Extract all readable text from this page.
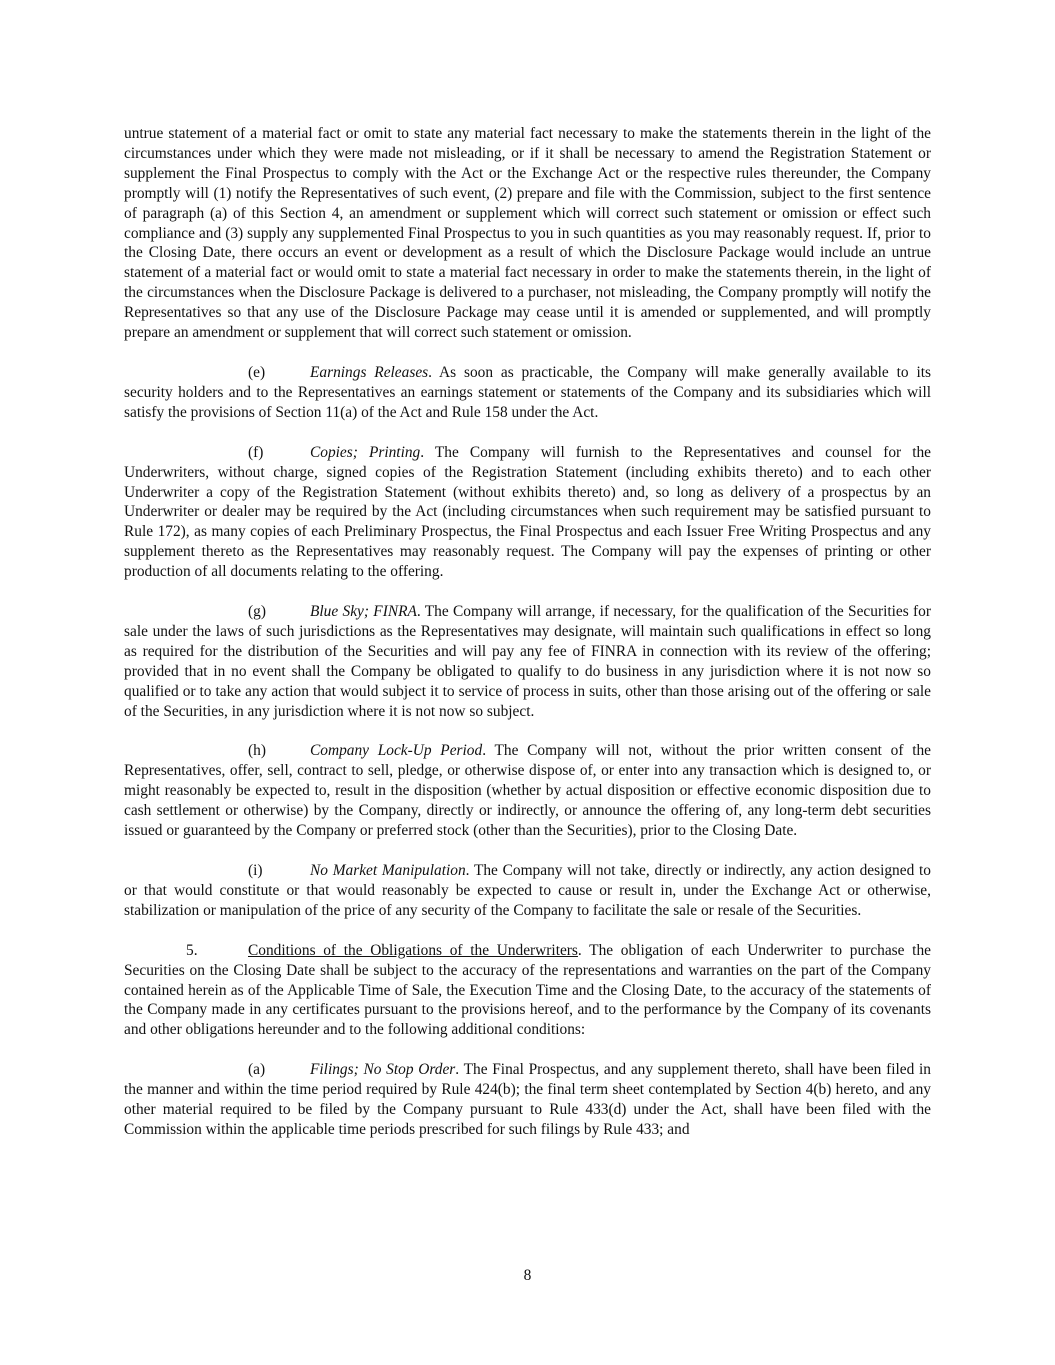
untrue statement of a material fact or omit to state any material fact necessary to make the statements therein in the light of the circumstances under which they were made not misleading, or if it shall be necessary to amend the Registration Statement or supplement the Final Prospectus to comply with the Act or the Exchange Act or the respective rules thereunder, the Company promptly will (1) notify the Representatives of such event, (2) prepare and file with the Commission, subject to the first sentence of paragraph (a) of this Section 4, an amendment or supplement which will correct such statement or omission or effect such compliance and (3) supply any supplemented Final Prospectus to you in such quantities as you may reasonably request. If, prior to the Closing Date, there occurs an event or development as a result of which the Disclosure Package would include an untrue statement of a material fact or would omit to state a material fact necessary in order to make the statements therein, in the light of the circumstances when the Disclosure Package is delivered to a purchaser, not misleading, the Company promptly will notify the Representatives so that any use of the Disclosure Package may cease until it is amended or supplemented, and will promptly prepare an amendment or supplement that will correct such statement or omission.

(e)	Earnings Releases. As soon as practicable, the Company will make generally available to its security holders and to the Representatives an earnings statement or statements of the Company and its subsidiaries which will satisfy the provisions of Section 11(a) of the Act and Rule 158 under the Act.

(f)	Copies; Printing. The Company will furnish to the Representatives and counsel for the Underwriters, without charge, signed copies of the Registration Statement (including exhibits thereto) and to each other Underwriter a copy of the Registration Statement (without exhibits thereto) and, so long as delivery of a prospectus by an Underwriter or dealer may be required by the Act (including circumstances when such requirement may be satisfied pursuant to Rule 172), as many copies of each Preliminary Prospectus, the Final Prospectus and each Issuer Free Writing Prospectus and any supplement thereto as the Representatives may reasonably request. The Company will pay the expenses of printing or other production of all documents relating to the offering.

(g)	Blue Sky; FINRA. The Company will arrange, if necessary, for the qualification of the Securities for sale under the laws of such jurisdictions as the Representatives may designate, will maintain such qualifications in effect so long as required for the distribution of the Securities and will pay any fee of FINRA in connection with its review of the offering; provided that in no event shall the Company be obligated to qualify to do business in any jurisdiction where it is not now so qualified or to take any action that would subject it to service of process in suits, other than those arising out of the offering or sale of the Securities, in any jurisdiction where it is not now so subject.

(h)	Company Lock-Up Period. The Company will not, without the prior written consent of the Representatives, offer, sell, contract to sell, pledge, or otherwise dispose of, or enter into any transaction which is designed to, or might reasonably be expected to, result in the disposition (whether by actual disposition or effective economic disposition due to cash settlement or otherwise) by the Company, directly or indirectly, or announce the offering of, any long-term debt securities issued or guaranteed by the Company or preferred stock (other than the Securities), prior to the Closing Date.

(i)	No Market Manipulation. The Company will not take, directly or indirectly, any action designed to or that would constitute or that would reasonably be expected to cause or result in, under the Exchange Act or otherwise, stabilization or manipulation of the price of any security of the Company to facilitate the sale or resale of the Securities.

5.	Conditions of the Obligations of the Underwriters. The obligation of each Underwriter to purchase the Securities on the Closing Date shall be subject to the accuracy of the representations and warranties on the part of the Company contained herein as of the Applicable Time of Sale, the Execution Time and the Closing Date, to the accuracy of the statements of the Company made in any certificates pursuant to the provisions hereof, and to the performance by the Company of its covenants and other obligations hereunder and to the following additional conditions:

(a)	Filings; No Stop Order. The Final Prospectus, and any supplement thereto, shall have been filed in the manner and within the time period required by Rule 424(b); the final term sheet contemplated by Section 4(b) hereto, and any other material required to be filed by the Company pursuant to Rule 433(d) under the Act, shall have been filed with the Commission within the applicable time periods prescribed for such filings by Rule 433; and

8
